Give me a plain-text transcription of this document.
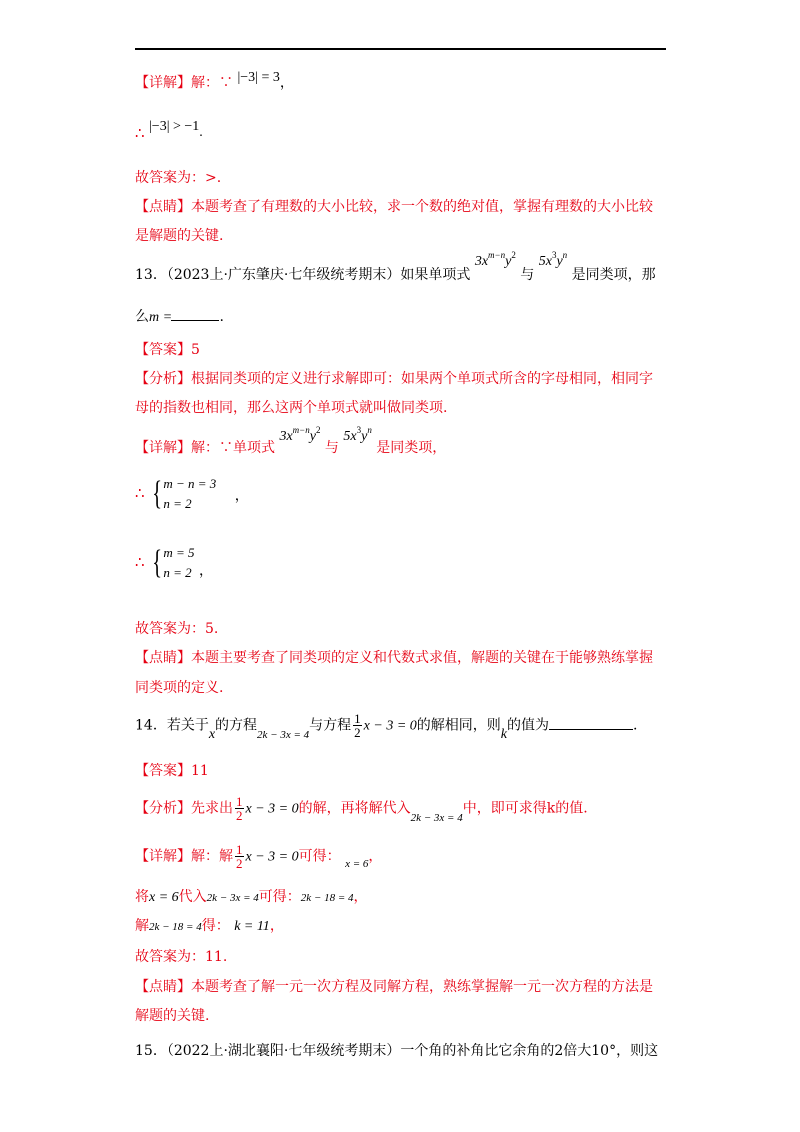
【详解】解：∵ |−3| = 3，
∴ |−3| > −1.
故答案为：>.
【点睛】本题考查了有理数的大小比较，求一个数的绝对值，掌握有理数的大小比较
是解题的关键.
13．（2023上·广东肇庆·七年级统考期末）如果单项式 $3x^{m-n}y^2$ 与 $5x^3y^n$ 是同类项，那
么m =	.
【答案】5
【分析】根据同类项的定义进行求解即可：如果两个单项式所含的字母相同，相同字
母的指数也相同，那么这两个单项式就叫做同类项.
【详解】解：∵单项式 $3x^{m-n}y^2$ 与 $5x^3y^n$ 是同类项，
∴ { m − n = 3
n = 2	，
∴ { m = 5
n = 2 ，
故答案为：5.
【点睛】本题主要考查了同类项的定义和代数式求值，解题的关键在于能够熟练掌握
同类项的定义.
14．若关于x的方程$_{2k - 3x = 4}$与方程 $\frac{1}{2}$ x − 3 = 0的解相同，则k的值为	.
【答案】11
【分析】先求出 $\frac{1}{2}$ x − 3 = 0的解，再将解代入$_{2k - 3x = 4}$中，即可求得k的值.
【详解】解：解 $\frac{1}{2}$ x − 3 = 0可得： $_{x = 6}$，
将x = 6代入2k − 3x = 4可得：2k − 18 = 4，
解2k − 18 = 4得： k = 11，
故答案为：11.
【点睛】本题考查了解一元一次方程及同解方程，熟练掌握解一元一次方程的方法是
解题的关键.
15．（2022上·湖北襄阳·七年级统考期末）一个角的补角比它余角的2倍大10°，则这
